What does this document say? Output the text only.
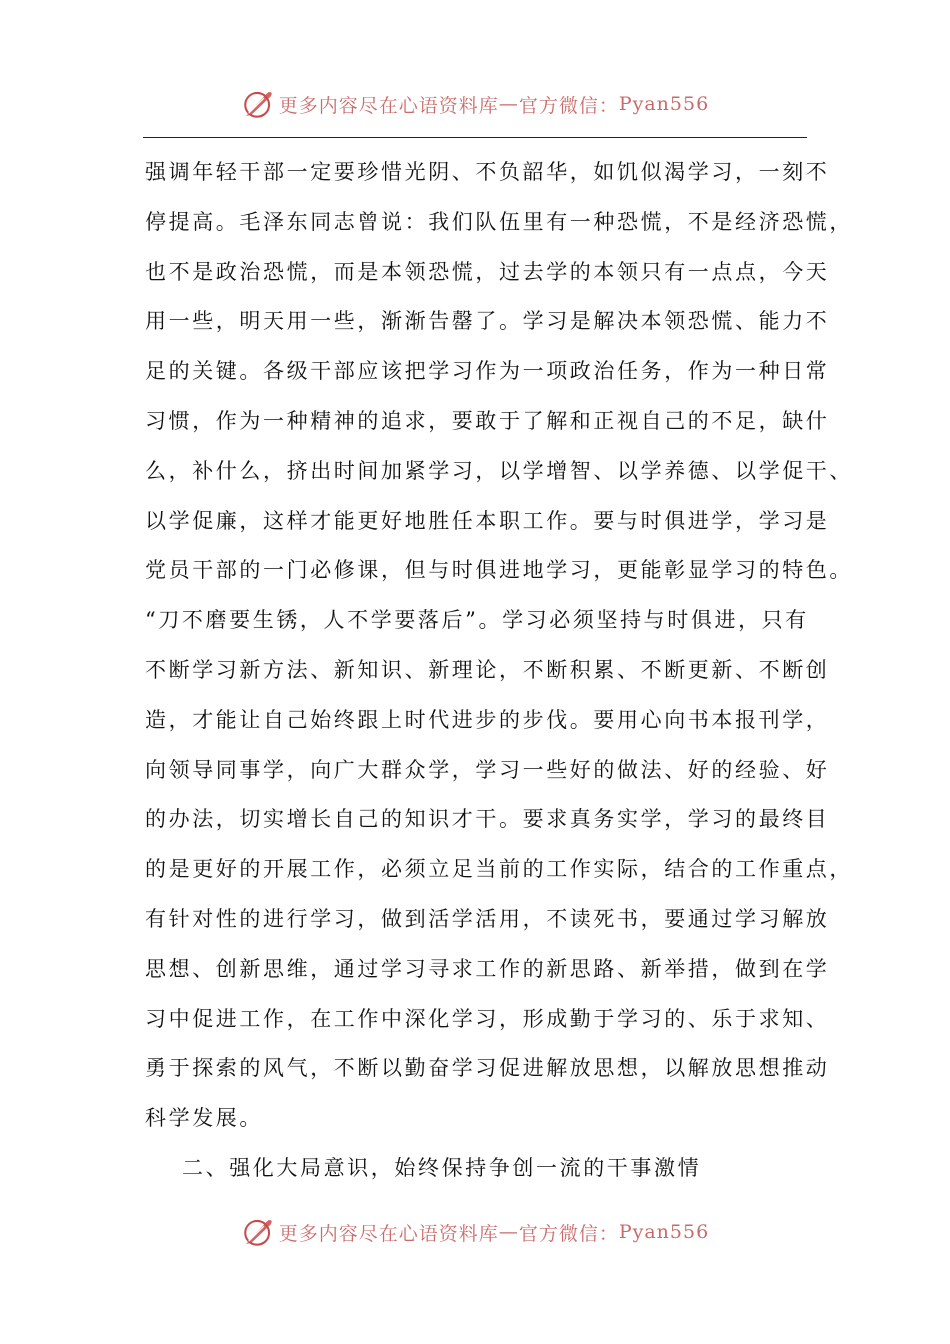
更多内容尽在心语资料库 — 官方微信： Pyan556
强调年轻干部一定要珍惜光阴、不负韶华，如饥似渴学习，一刻不
停提高。毛泽东同志曾说：我们队伍里有一种恐慌，不是经济恐慌，
也不是政治恐慌，而是本领恐慌，过去学的本领只有一点点，今天
用一些，明天用一些，渐渐告罄了。学习是解决本领恐慌、能力不
足的关键。各级干部应该把学习作为一项政治任务，作为一种日常
习惯，作为一种精神的追求，要敢于了解和正视自己的不足，缺什
么，补什么，挤出时间加紧学习，以学增智、以学养德、以学促干、
以学促廉，这样才能更好地胜任本职工作。要与时俱进学，学习是
党员干部的一门必修课，但与时俱进地学习，更能彰显学习的特色。
“刀不磨要生锈，人不学要落后”。学习必须坚持与时俱进，只有
不断学习新方法、新知识、新理论，不断积累、不断更新、不断创
造，才能让自己始终跟上时代进步的步伐。要用心向书本报刊学，
向领导同事学，向广大群众学，学习一些好的做法、好的经验、好
的办法，切实增长自己的知识才干。要求真务实学，学习的最终目
的是更好的开展工作，必须立足当前的工作实际，结合的工作重点，
有针对性的进行学习，做到活学活用，不读死书，要通过学习解放
思想、创新思维，通过学习寻求工作的新思路、新举措，做到在学
习中促进工作，在工作中深化学习，形成勤于学习的、乐于求知、
勇于探索的风气，不断以勤奋学习促进解放思想，以解放思想推动
科学发展。
二、强化大局意识，始终保持争创一流的干事激情
更多内容尽在心语资料库 — 官方微信： Pyan556
